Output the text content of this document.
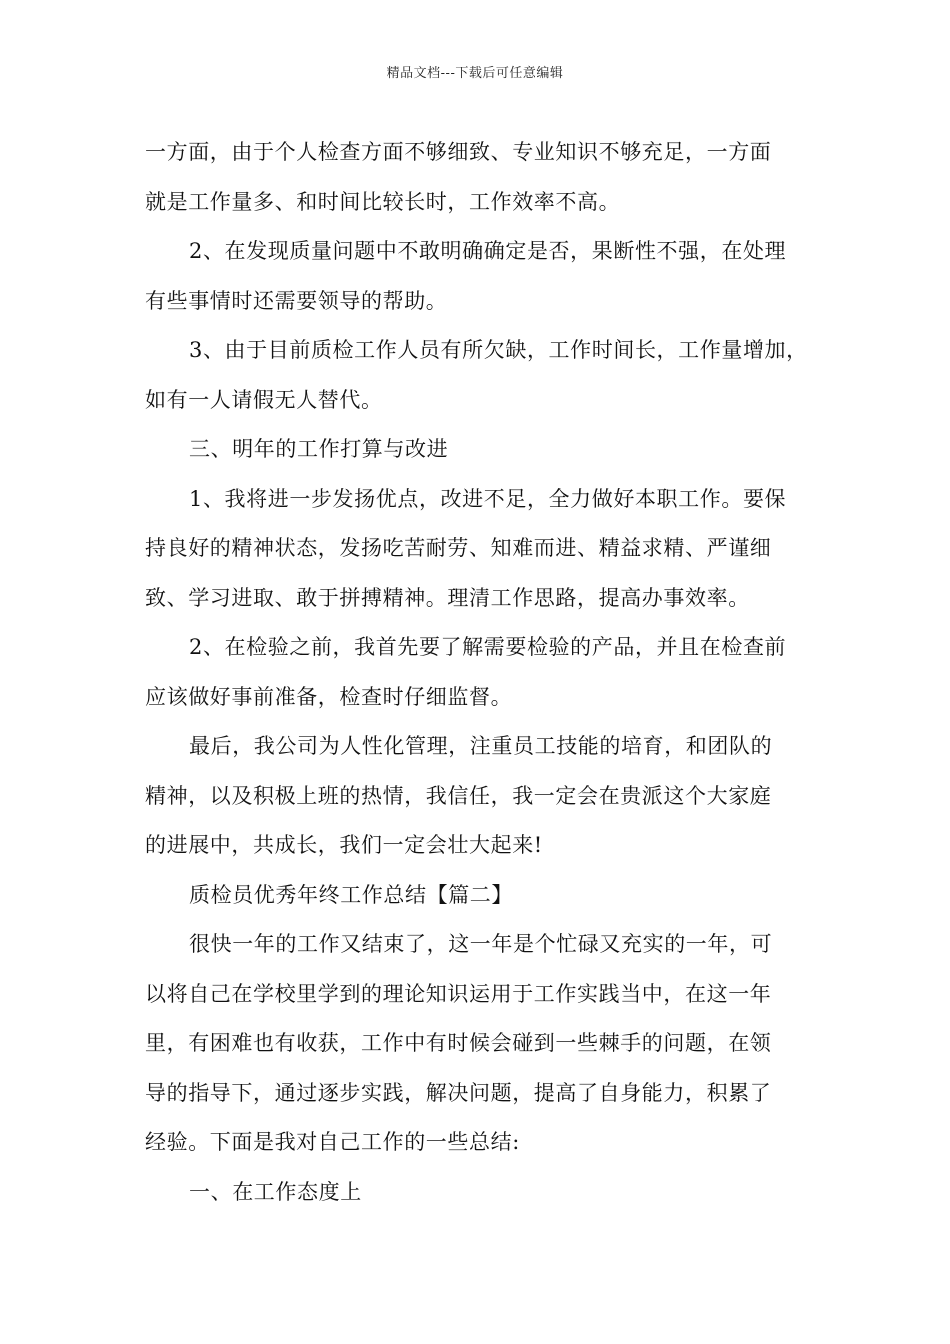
精品文档---下载后可任意编辑
一方面，由于个人检查方面不够细致、专业知识不够充足，一方面
就是工作量多、和时间比较长时，工作效率不高。
2、在发现质量问题中不敢明确确定是否，果断性不强，在处理
有些事情时还需要领导的帮助。
3、由于目前质检工作人员有所欠缺，工作时间长，工作量增加，
如有一人请假无人替代。
三、明年的工作打算与改进
1、我将进一步发扬优点，改进不足，全力做好本职工作。要保
持良好的精神状态，发扬吃苦耐劳、知难而进、精益求精、严谨细
致、学习进取、敢于拼搏精神。理清工作思路，提高办事效率。
2、在检验之前，我首先要了解需要检验的产品，并且在检查前
应该做好事前准备，检查时仔细监督。
最后，我公司为人性化管理，注重员工技能的培育，和团队的
精神，以及积极上班的热情，我信任，我一定会在贵派这个大家庭
的进展中，共成长，我们一定会壮大起来!
质检员优秀年终工作总结【篇二】
很快一年的工作又结束了，这一年是个忙碌又充实的一年，可
以将自己在学校里学到的理论知识运用于工作实践当中，在这一年
里，有困难也有收获，工作中有时候会碰到一些棘手的问题，在领
导的指导下，通过逐步实践，解决问题，提高了自身能力，积累了
经验。下面是我对自己工作的一些总结:
一、在工作态度上
